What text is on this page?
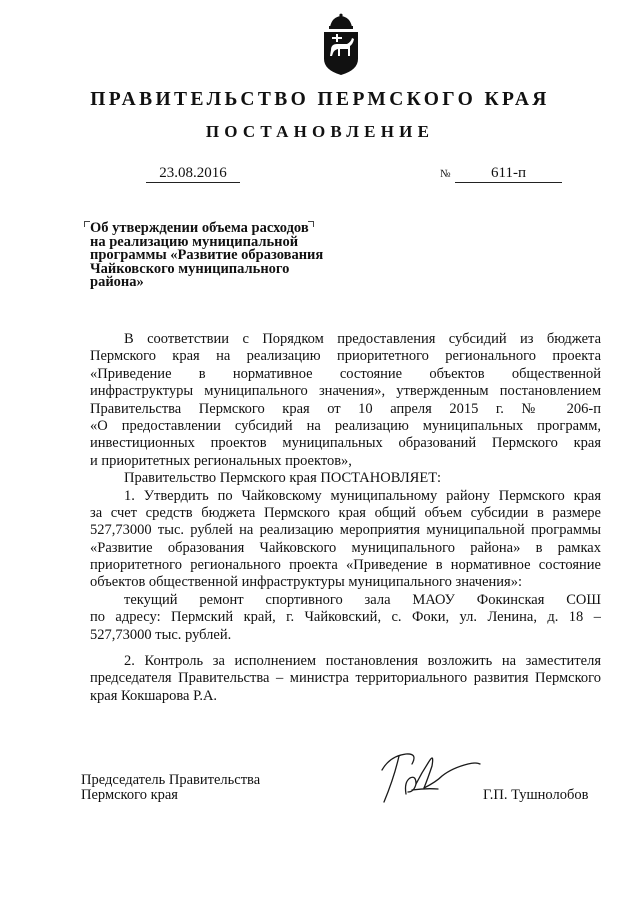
ПРАВИТЕЛЬСТВО ПЕРМСКОГО КРАЯ
ПОСТАНОВЛЕНИЕ
23.08.2016	№	611-п
Об утверждении объема расходов
на реализацию муниципальной
программы «Развитие образования
Чайковского муниципального
района»
В соответствии с Порядком предоставления субсидий из бюджета
Пермского края на реализацию приоритетного регионального проекта
«Приведение в нормативное состояние объектов общественной
инфраструктуры муниципального значения», утвержденным постановлением
Правительства Пермского края от 10 апреля 2015 г. № 206-п
«О предоставлении субсидий на реализацию муниципальных программ,
инвестиционных проектов муниципальных образований Пермского края
и приоритетных региональных проектов»,
Правительство Пермского края ПОСТАНОВЛЯЕТ:
1. Утвердить по Чайковскому муниципальному району Пермского края
за счет средств бюджета Пермского края общий объем субсидии в размере
527,73000 тыс. рублей на реализацию мероприятия муниципальной программы
«Развитие образования Чайковского муниципального района» в рамках
приоритетного регионального проекта «Приведение в нормативное состояние
объектов общественной инфраструктуры муниципального значения»:
текущий ремонт спортивного зала МАОУ Фокинская СОШ
по адресу: Пермский край, г. Чайковский, с. Фоки, ул. Ленина, д. 18 –
527,73000 тыс. рублей.
2. Контроль за исполнением постановления возложить на заместителя
председателя Правительства – министра территориального развития Пермского
края Кокшарова Р.А.
Председатель Правительства
Пермского края	Г.П. Тушнолобов
